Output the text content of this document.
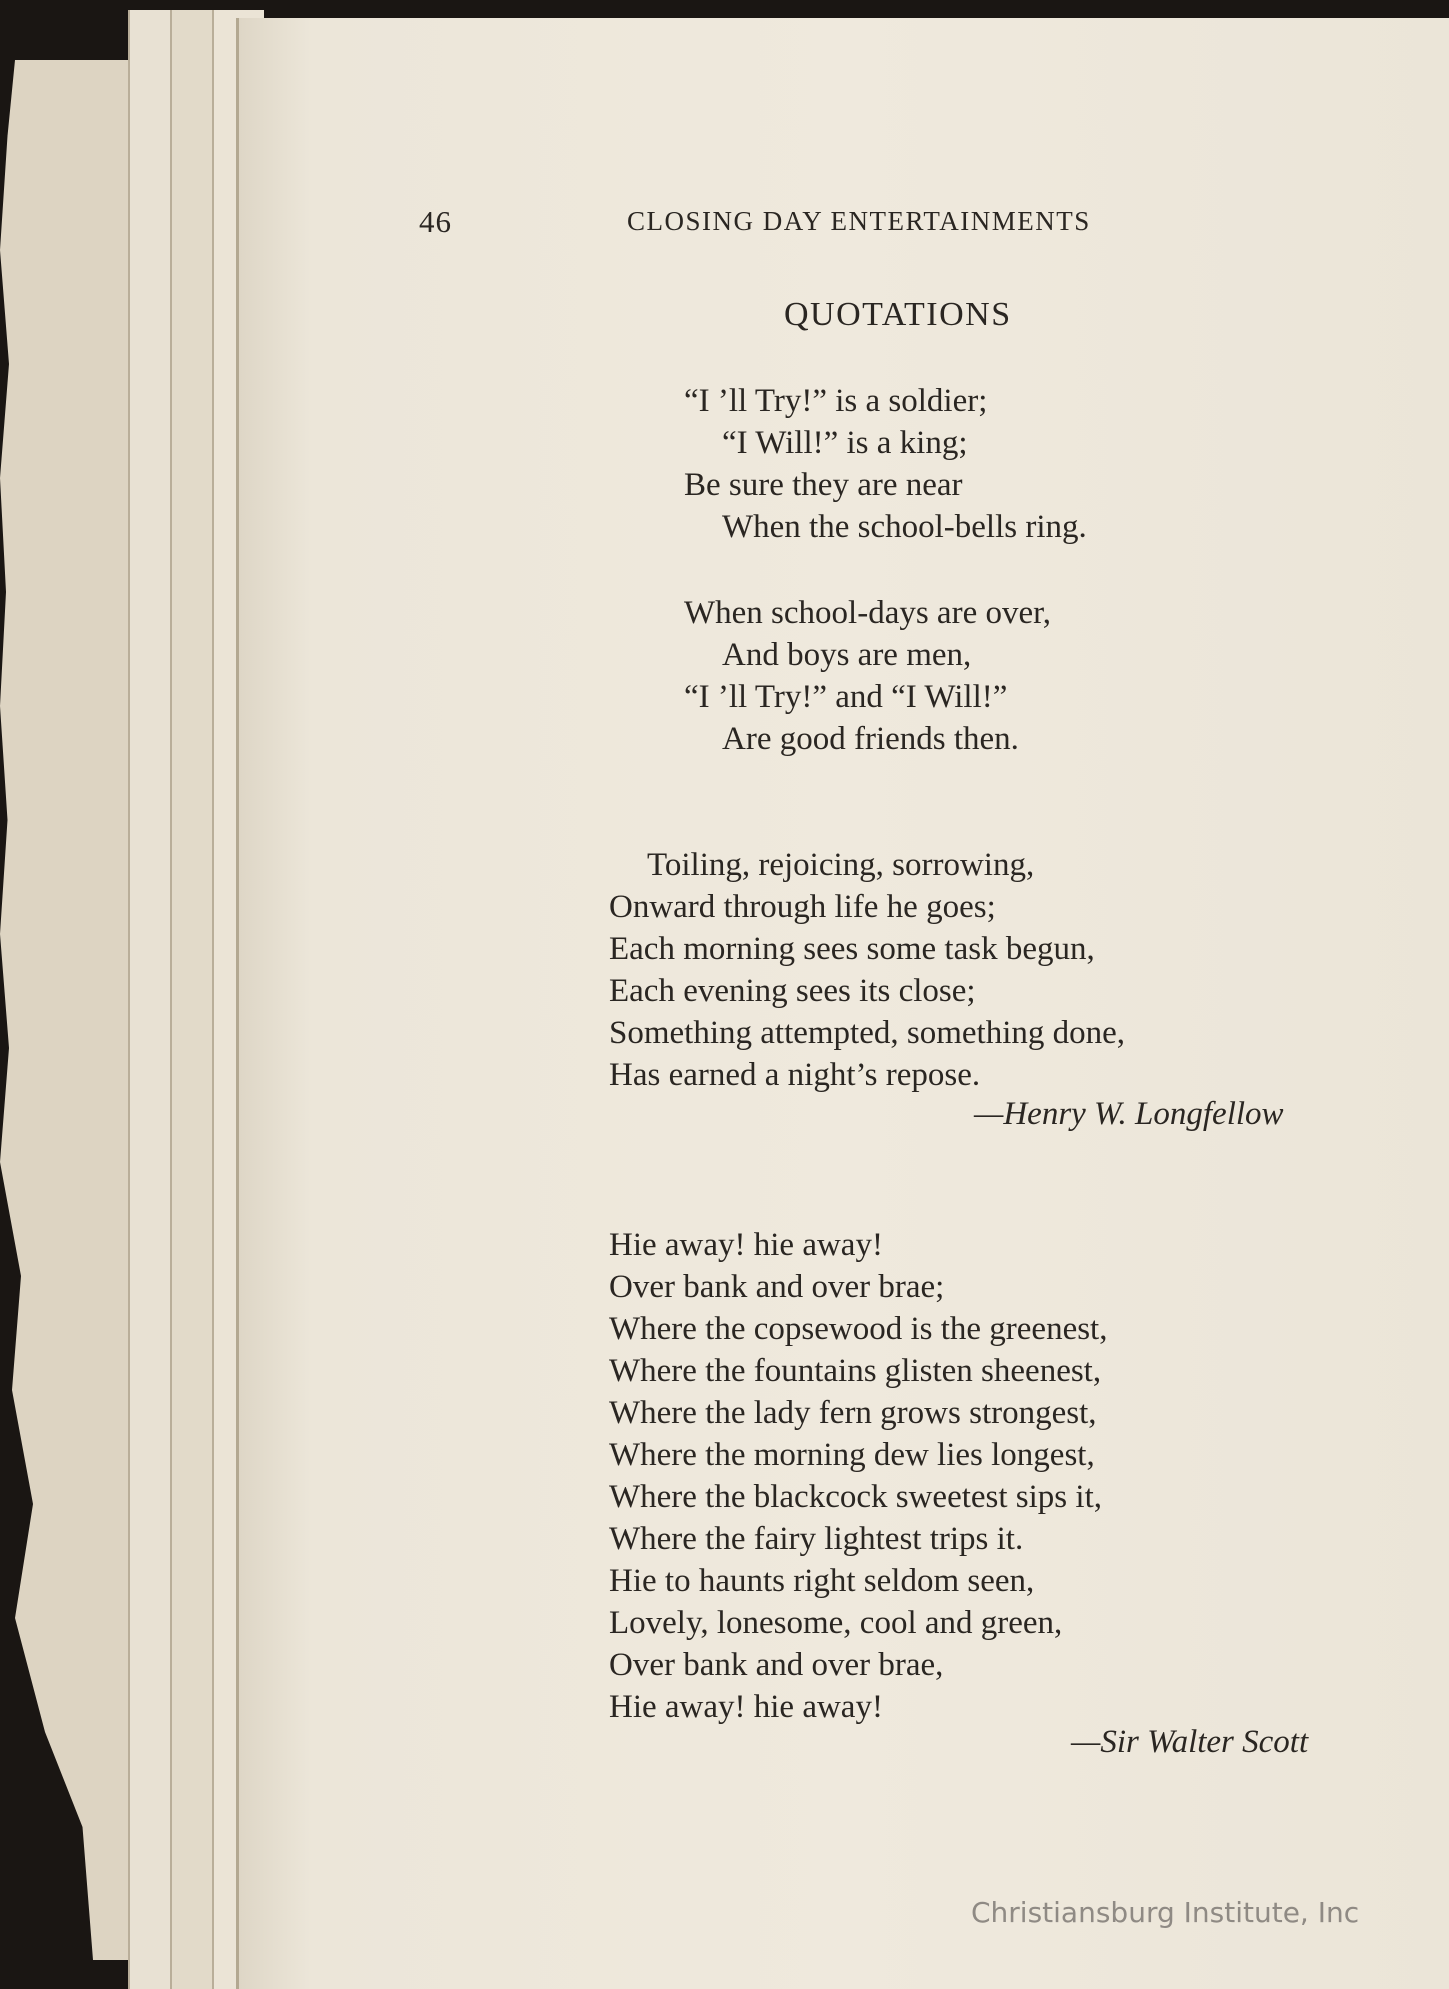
46	CLOSING DAY ENTERTAINMENTS
QUOTATIONS
“I ’ll Try!” is a soldier;
“I Will!” is a king;
Be sure they are near
When the school-bells ring.
When school-days are over,
And boys are men,
“I ’ll Try!” and “I Will!”
Are good friends then.
Toiling, rejoicing, sorrowing,
Onward through life he goes;
Each morning sees some task begun,
Each evening sees its close;
Something attempted, something done,
Has earned a night’s repose.
—Henry W. Longfellow
Hie away! hie away!
Over bank and over brae;
Where the copsewood is the greenest,
Where the fountains glisten sheenest,
Where the lady fern grows strongest,
Where the morning dew lies longest,
Where the blackcock sweetest sips it,
Where the fairy lightest trips it.
Hie to haunts right seldom seen,
Lovely, lonesome, cool and green,
Over bank and over brae,
Hie away! hie away!
—Sir Walter Scott
Christiansburg Institute, Inc
